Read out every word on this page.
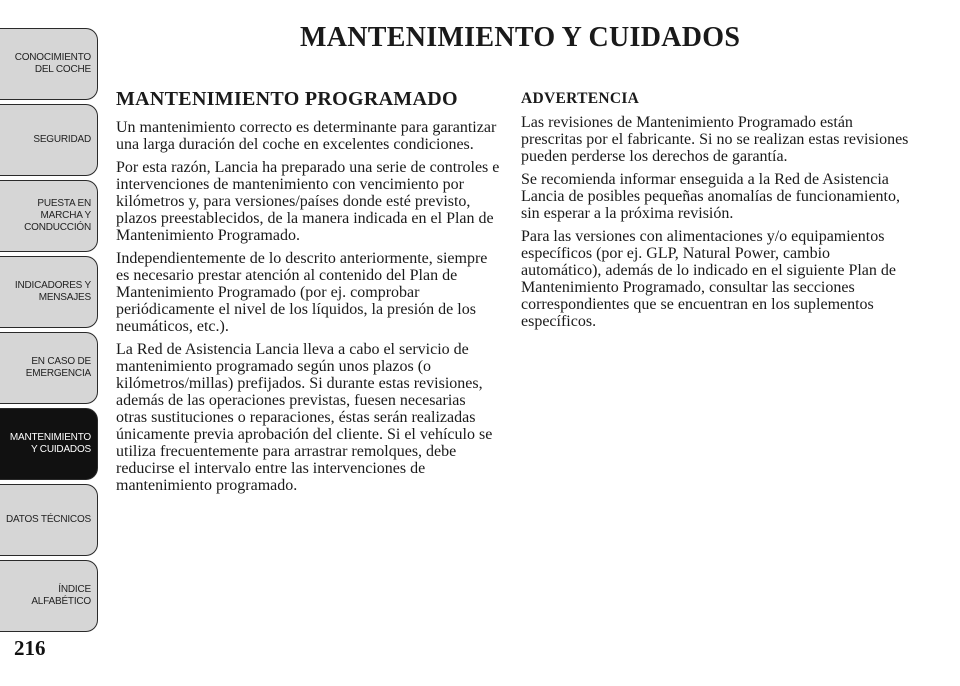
CONOCIMIENTO
DEL COCHE
SEGURIDAD
PUESTA EN
MARCHA Y
CONDUCCIÓN
INDICADORES Y
MENSAJES
EN CASO DE
EMERGENCIA
MANTENIMIENTO
Y CUIDADOS
DATOS TÉCNICOS
ÍNDICE
ALFABÉTICO
216
MANTENIMIENTO Y CUIDADOS
MANTENIMIENTO PROGRAMADO

Un mantenimiento correcto es determinante para garantizar una larga duración del coche en excelentes condiciones.

Por esta razón, Lancia ha preparado una serie de controles e intervenciones de mantenimiento con vencimiento por kilómetros y, para versiones/países donde esté previsto, plazos preestablecidos, de la manera indicada en el Plan de Mantenimiento Programado.

Independientemente de lo descrito anteriormente, siempre es necesario prestar atención al contenido del Plan de Mantenimiento Programado (por ej. comprobar periódicamente el nivel de los líquidos, la presión de los neumáticos, etc.).

La Red de Asistencia Lancia lleva a cabo el servicio de mantenimiento programado según unos plazos (o kilómetros/millas) prefijados. Si durante estas revisiones, además de las operaciones previstas, fuesen necesarias otras sustituciones o reparaciones, éstas serán realizadas únicamente previa aprobación del cliente. Si el vehículo se utiliza frecuentemente para arrastrar remolques, debe reducirse el intervalo entre las intervenciones de mantenimiento programado.

ADVERTENCIA

Las revisiones de Mantenimiento Programado están prescritas por el fabricante. Si no se realizan estas revisiones pueden perderse los derechos de garantía.

Se recomienda informar enseguida a la Red de Asistencia Lancia de posibles pequeñas anomalías de funcionamiento, sin esperar a la próxima revisión.

Para las versiones con alimentaciones y/o equipamientos específicos (por ej. GLP, Natural Power, cambio automático), además de lo indicado en el siguiente Plan de Mantenimiento Programado, consultar las secciones correspondientes que se encuentran en los suplementos específicos.
